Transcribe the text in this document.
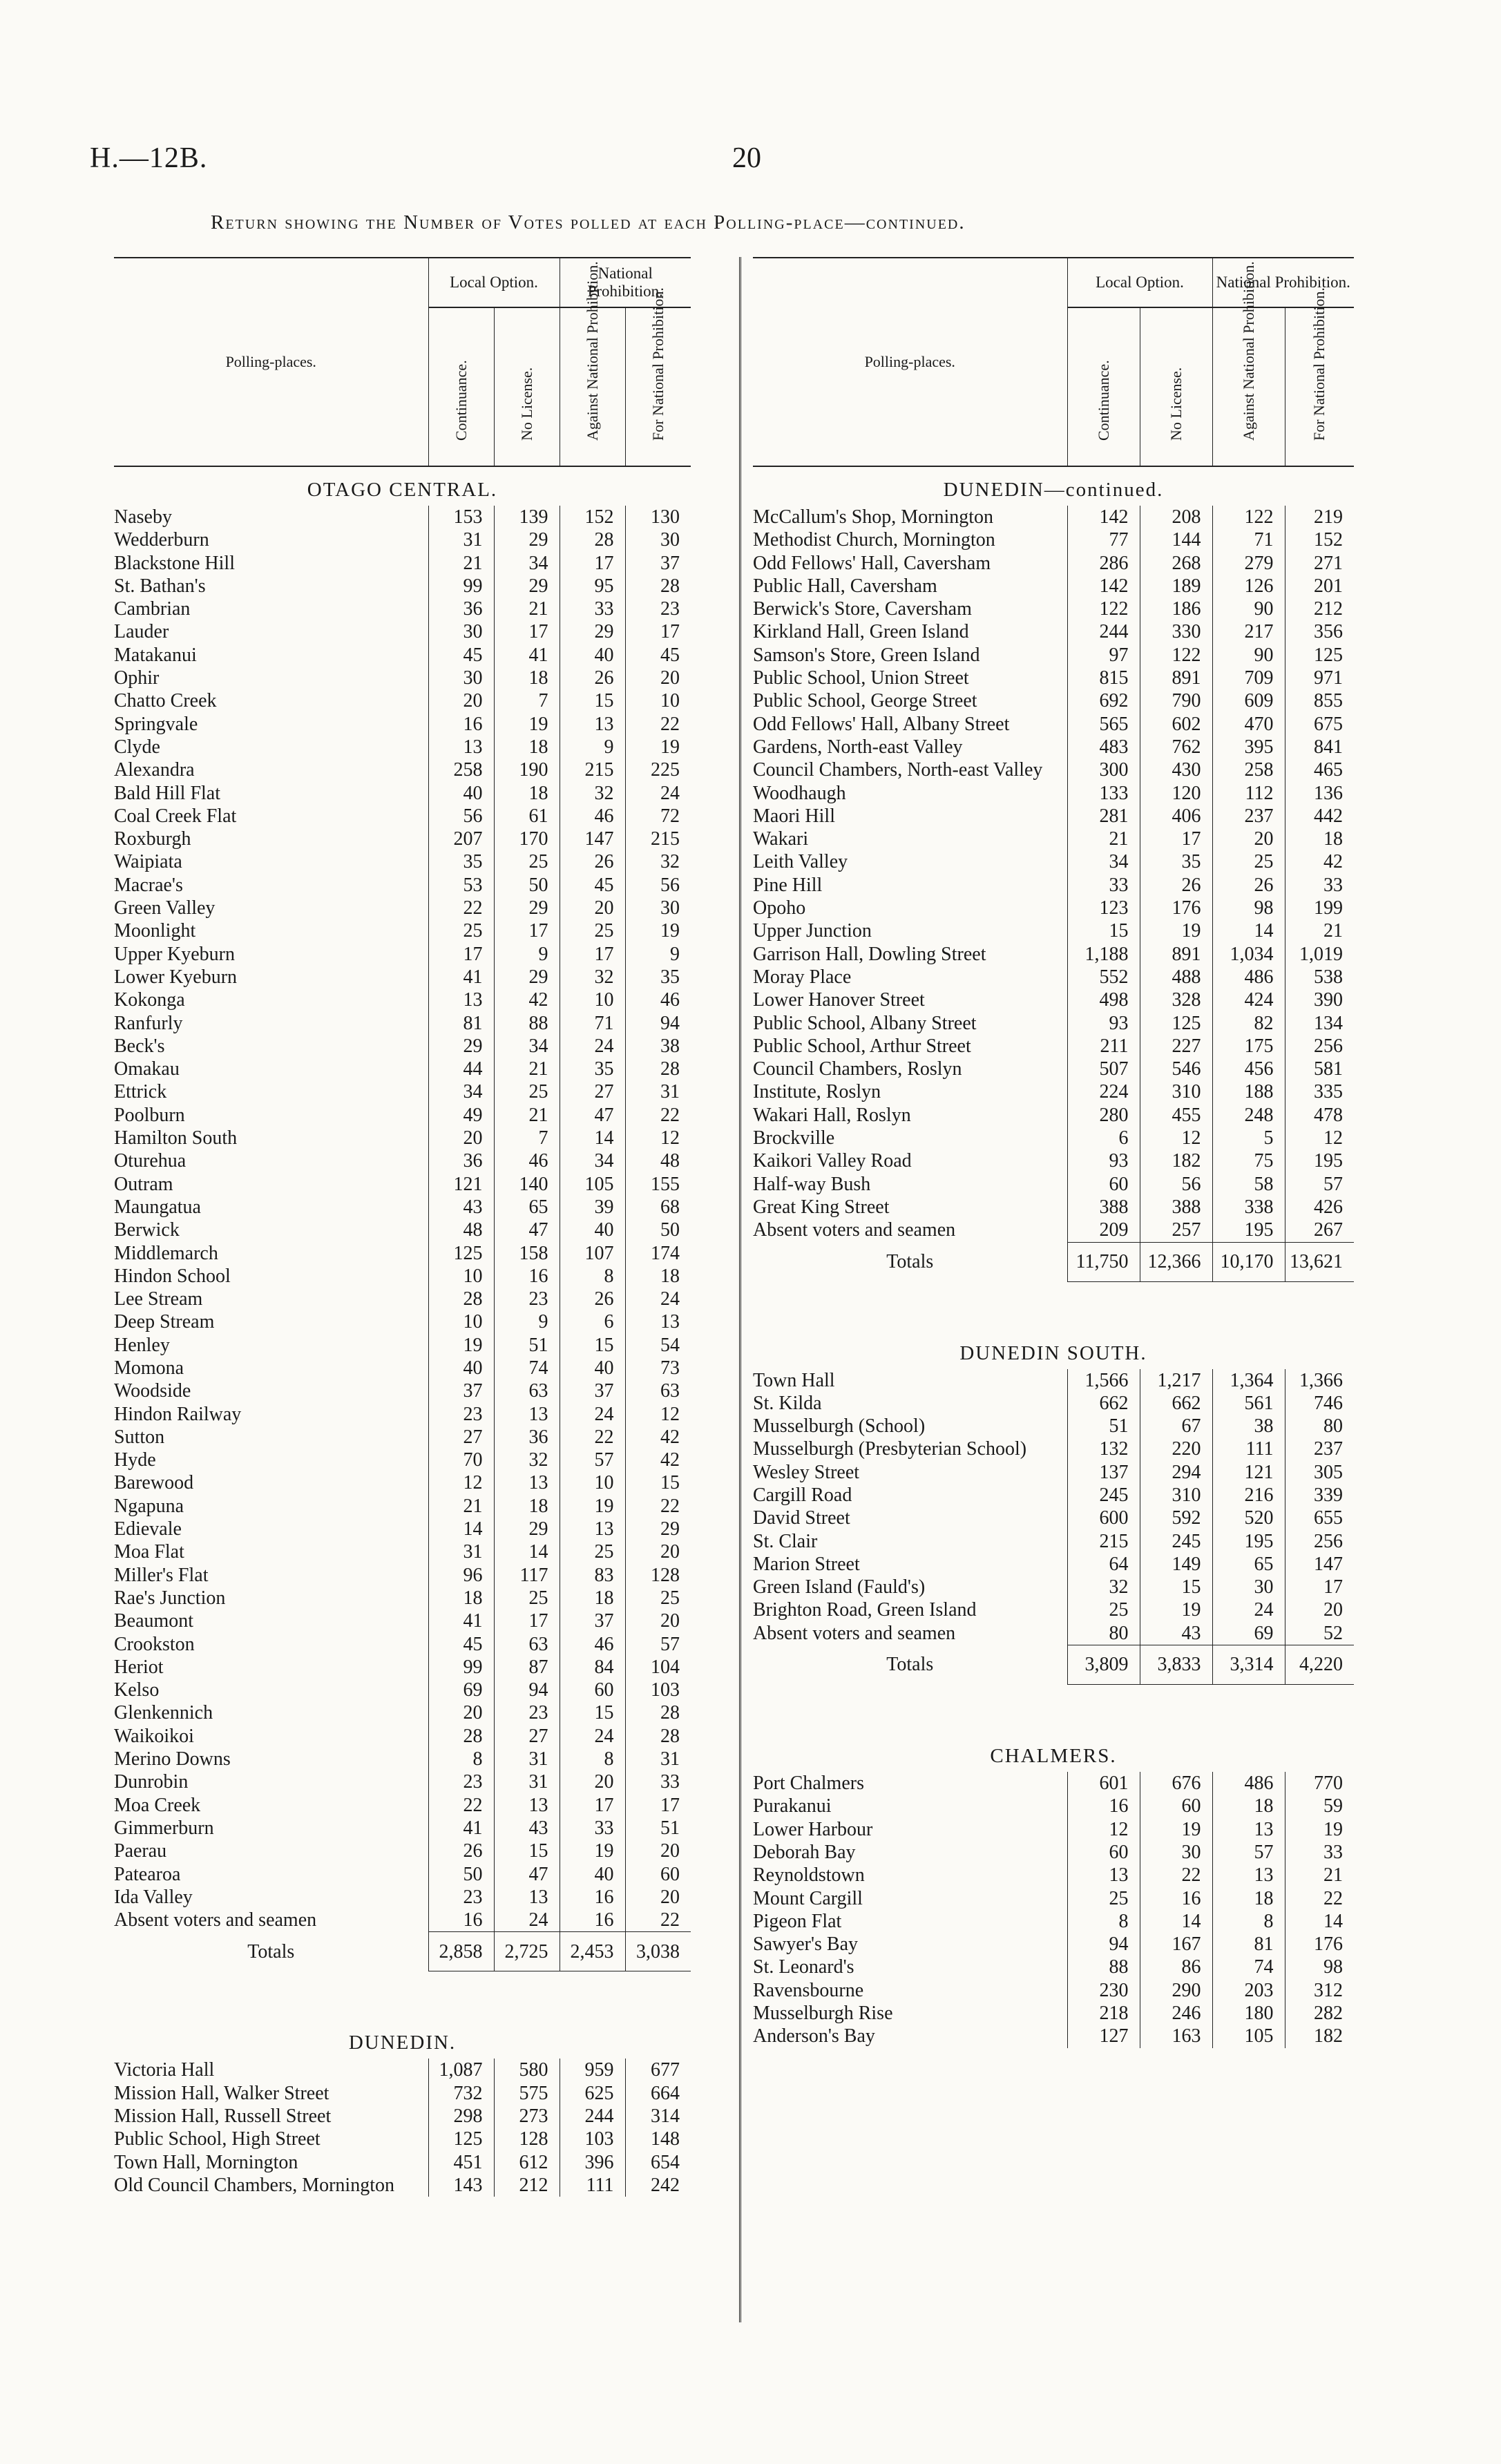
H.—12B.	20
Return showing the Number of Votes polled at each Polling-place—continued.
Polling-places.	Local Option.		National Prohibition.	

	Continuance.	No License.	Against National Prohibition.	For National Prohibition.

OTAGO CENTRAL.				
Naseby	153	139	152	130
Wedderburn	31	29	28	30
Blackstone Hill	21	34	17	37
St. Bathan's	99	29	95	28
Cambrian	36	21	33	23
Lauder	30	17	29	17
Matakanui	45	41	40	45
Ophir	30	18	26	20
Chatto Creek	20	7	15	10
Springvale	16	19	13	22
Clyde	13	18	9	19
Alexandra	258	190	215	225
Bald Hill Flat	40	18	32	24
Coal Creek Flat	56	61	46	72
Roxburgh	207	170	147	215
Waipiata	35	25	26	32
Macrae's	53	50	45	56
Green Valley	22	29	20	30
Moonlight	25	17	25	19
Upper Kyeburn	17	9	17	9
Lower Kyeburn	41	29	32	35
Kokonga	13	42	10	46
Ranfurly	81	88	71	94
Beck's	29	34	24	38
Omakau	44	21	35	28
Ettrick	34	25	27	31
Poolburn	49	21	47	22
Hamilton South	20	7	14	12
Oturehua	36	46	34	48
Outram	121	140	105	155
Maungatua	43	65	39	68
Berwick	48	47	40	50
Middlemarch	125	158	107	174
Hindon School	10	16	8	18
Lee Stream	28	23	26	24
Deep Stream	10	9	6	13
Henley	19	51	15	54
Momona	40	74	40	73
Woodside	37	63	37	63
Hindon Railway	23	13	24	12
Sutton	27	36	22	42
Hyde	70	32	57	42
Barewood	12	13	10	15
Ngapuna	21	18	19	22
Edievale	14	29	13	29
Moa Flat	31	14	25	20
Miller's Flat	96	117	83	128
Rae's Junction	18	25	18	25
Beaumont	41	17	37	20
Crookston	45	63	46	57
Heriot	99	87	84	104
Kelso	69	94	60	103
Glenkennich	20	23	15	28
Waikoikoi	28	27	24	28
Merino Downs	8	31	8	31
Dunrobin	23	31	20	33
Moa Creek	22	13	17	17
Gimmerburn	41	43	33	51
Paerau	26	15	19	20
Patearoa	50	47	40	60
Ida Valley	23	13	16	20
Absent voters and seamen	16	24	16	22
Totals	2,858	2,725	2,453	3,038

DUNEDIN.				
Victoria Hall	1,087	580	959	677
Mission Hall, Walker Street	732	575	625	664
Mission Hall, Russell Street	298	273	244	314
Public School, High Street	125	128	103	148
Town Hall, Mornington	451	612	396	654
Old Council Chambers, Mornington	143	212	111	242
Polling-places.	Local Option.		National Prohibition.	

	Continuance.	No License.	Against National Prohibition.	For National Prohibition.

DUNEDIN—continued.				
McCallum's Shop, Mornington	142	208	122	219
Methodist Church, Mornington	77	144	71	152
Odd Fellows' Hall, Caversham	286	268	279	271
Public Hall, Caversham	142	189	126	201
Berwick's Store, Caversham	122	186	90	212
Kirkland Hall, Green Island	244	330	217	356
Samson's Store, Green Island	97	122	90	125
Public School, Union Street	815	891	709	971
Public School, George Street	692	790	609	855
Odd Fellows' Hall, Albany Street	565	602	470	675
Gardens, North-east Valley	483	762	395	841
Council Chambers, North-east Valley	300	430	258	465
Woodhaugh	133	120	112	136
Maori Hill	281	406	237	442
Wakari	21	17	20	18
Leith Valley	34	35	25	42
Pine Hill	33	26	26	33
Opoho	123	176	98	199
Upper Junction	15	19	14	21
Garrison Hall, Dowling Street	1,188	891	1,034	1,019
Moray Place	552	488	486	538
Lower Hanover Street	498	328	424	390
Public School, Albany Street	93	125	82	134
Public School, Arthur Street	211	227	175	256
Council Chambers, Roslyn	507	546	456	581
Institute, Roslyn	224	310	188	335
Wakari Hall, Roslyn	280	455	248	478
Brockville	6	12	5	12
Kaikori Valley Road	93	182	75	195
Half-way Bush	60	56	58	57
Great King Street	388	388	338	426
Absent voters and seamen	209	257	195	267
Totals	11,750	12,366	10,170	13,621

DUNEDIN SOUTH.				
Town Hall	1,566	1,217	1,364	1,366
St. Kilda	662	662	561	746
Musselburgh (School)	51	67	38	80
Musselburgh (Presbyterian School)	132	220	111	237
Wesley Street	137	294	121	305
Cargill Road	245	310	216	339
David Street	600	592	520	655
St. Clair	215	245	195	256
Marion Street	64	149	65	147
Green Island (Fauld's)	32	15	30	17
Brighton Road, Green Island	25	19	24	20
Absent voters and seamen	80	43	69	52
Totals	3,809	3,833	3,314	4,220

CHALMERS.				
Port Chalmers	601	676	486	770
Purakanui	16	60	18	59
Lower Harbour	12	19	13	19
Deborah Bay	60	30	57	33
Reynoldstown	13	22	13	21
Mount Cargill	25	16	18	22
Pigeon Flat	8	14	8	14
Sawyer's Bay	94	167	81	176
St. Leonard's	88	86	74	98
Ravensbourne	230	290	203	312
Musselburgh Rise	218	246	180	282
Anderson's Bay	127	163	105	182
